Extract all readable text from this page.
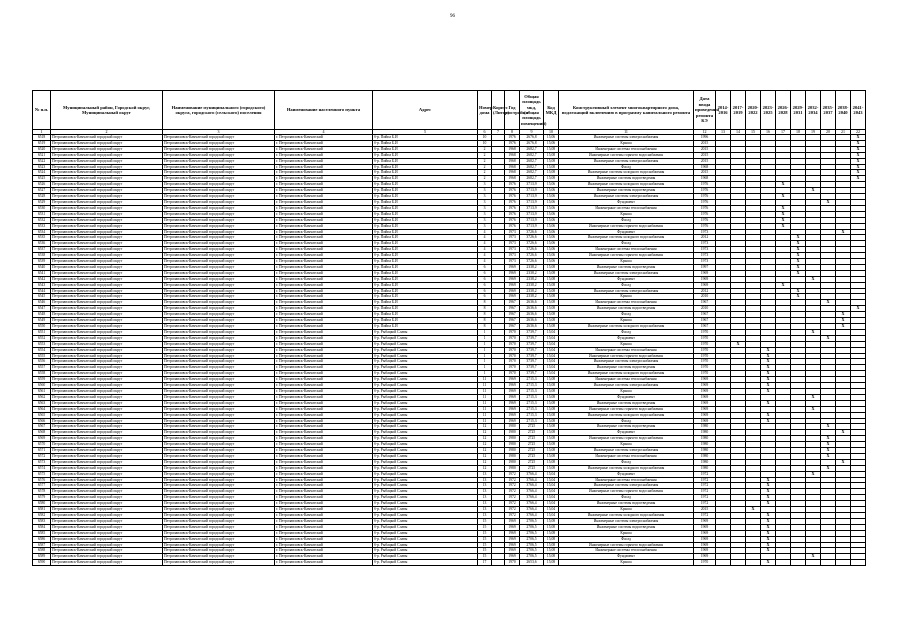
96
№ п.п.	Муниципальный район, Городской округ, Муниципальный округ	Наименование муниципального (городского) округа, городского (сельского) поселения	Наименование населенного пункта	Адрес	Номер дома	Корпус (Литер)	Год постройки	Общая площадь мкд, (общая площадь помещений)	Код МКД	Конструктивный элемент многоквартирного дома, подлежащий включению в программу капитального ремонта	Дата ввода проведения ремонта КЭ	2014-2016	2017-2019	2020-2022	2023-2025	2026-2028	2029-2031	2032-2034	2035-2037	2038-2040	2041-2043
1	2	3	4	5	6	7	8	9	10	11	12	13	14	15	16	17	18	19	20	21	22
6518	Петропавловск-Камчатский городской округ	Петропавловск-Камчатский городской округ	г. Петропавловск-Камчатский	б-р. Пийпа Б.И	10		1976	2676,8	15,06	Инженерные системы электроснабжения	1996										X
6519	Петропавловск-Камчатский городской округ	Петропавловск-Камчатский городской округ	г. Петропавловск-Камчатский	б-р. Пийпа Б.И	10		1976	2676,8	15,06	Крыша	2015										X
6520	Петропавловск-Камчатский городской округ	Петропавловск-Камчатский городской округ	г. Петропавловск-Камчатский	б-р. Пийпа Б.И	2		1968	2682,7	15,08	Инженерные системы теплоснабжения	2015										X
6521	Петропавловск-Камчатский городской округ	Петропавловск-Камчатский городской округ	г. Петропавловск-Камчатский	б-р. Пийпа Б.И	2		1968	2682,7	15,08	Инженерные системы горячего водоснабжения	2015										X
6522	Петропавловск-Камчатский городской округ	Петропавловск-Камчатский городской округ	г. Петропавловск-Камчатский	б-р. Пийпа Б.И	2		1968	2682,7	15,08	Инженерные системы электроснабжения	2015										X
6523	Петропавловск-Камчатский городской округ	Петропавловск-Камчатский городской округ	г. Петропавловск-Камчатский	б-р. Пийпа Б.И	2		1968	2682,7	15,08	Фасад	1968										X
6524	Петропавловск-Камчатский городской округ	Петропавловск-Камчатский городской округ	г. Петропавловск-Камчатский	б-р. Пийпа Б.И	2		1968	2682,7	15,08	Инженерные системы холодного водоснабжения	2015										X
6525	Петропавловск-Камчатский городской округ	Петропавловск-Камчатский городской округ	г. Петропавловск-Камчатский	б-р. Пийпа Б.И	2		1968	2682,7	15,08	Инженерные системы водоотведения	1968										X
6526	Петропавловск-Камчатский городской округ	Петропавловск-Камчатский городской округ	г. Петропавловск-Камчатский	б-р. Пийпа Б.И	3		1976	3713,9	15,06	Инженерные системы холодного водоснабжения	1976					X					
6527	Петропавловск-Камчатский городской округ	Петропавловск-Камчатский городской округ	г. Петропавловск-Камчатский	б-р. Пийпа Б.И	3		1976	3713,9	15,06	Инженерные системы водоотведения	1976							X			
6528	Петропавловск-Камчатский городской округ	Петропавловск-Камчатский городской округ	г. Петропавловск-Камчатский	б-р. Пийпа Б.И	3		1976	3713,9	15,06	Инженерные системы электроснабжения	1976					X					
6529	Петропавловск-Камчатский городской округ	Петропавловск-Камчатский городской округ	г. Петропавловск-Камчатский	б-р. Пийпа Б.И	3		1976	3713,9	15,06	Фундамент	1976								X		
6530	Петропавловск-Камчатский городской округ	Петропавловск-Камчатский городской округ	г. Петропавловск-Камчатский	б-р. Пийпа Б.И	3		1976	3713,9	15,06	Инженерные системы теплоснабжения	1976					X					
6531	Петропавловск-Камчатский городской округ	Петропавловск-Камчатский городской округ	г. Петропавловск-Камчатский	б-р. Пийпа Б.И	3		1976	3713,9	15,06	Крыша	1976					X					
6532	Петропавловск-Камчатский городской округ	Петропавловск-Камчатский городской округ	г. Петропавловск-Камчатский	б-р. Пийпа Б.И	3		1976	3713,9	15,06	Фасад	1976					X					
6533	Петропавловск-Камчатский городской округ	Петропавловск-Камчатский городской округ	г. Петропавловск-Камчатский	б-р. Пийпа Б.И	3		1976	3713,9	15,06	Инженерные системы горячего водоснабжения	1976					X					
6534	Петропавловск-Камчатский городской округ	Петропавловск-Камчатский городской округ	г. Петропавловск-Камчатский	б-р. Пийпа Б.И	4		1973	3726,6	15,06	Фундамент	1973									X	
6535	Петропавловск-Камчатский городской округ	Петропавловск-Камчатский городской округ	г. Петропавловск-Камчатский	б-р. Пийпа Б.И	4		1973	3726,6	15,06	Инженерные системы холодного водоснабжения	2012						X				
6536	Петропавловск-Камчатский городской округ	Петропавловск-Камчатский городской округ	г. Петропавловск-Камчатский	б-р. Пийпа Б.И	4		1973	3726,6	15,06	Фасад	1973						X				
6537	Петропавловск-Камчатский городской округ	Петропавловск-Камчатский городской округ	г. Петропавловск-Камчатский	б-р. Пийпа Б.И	4		1973	3726,6	15,06	Инженерные системы теплоснабжения	1973						X				
6538	Петропавловск-Камчатский городской округ	Петропавловск-Камчатский городской округ	г. Петропавловск-Камчатский	б-р. Пийпа Б.И	4		1973	3726,6	15,06	Инженерные системы горячего водоснабжения	1973						X				
6539	Петропавловск-Камчатский городской округ	Петропавловск-Камчатский городской округ	г. Петропавловск-Камчатский	б-р. Пийпа Б.И	4		1973	3726,6	15,06	Крыша	1973						X				
6540	Петропавловск-Камчатский городской округ	Петропавловск-Камчатский городской округ	г. Петропавловск-Камчатский	б-р. Пийпа Б.И	6		1969	2338,2	15,08	Инженерные системы водоотведения	1997						X				
6541	Петропавловск-Камчатский городской округ	Петропавловск-Камчатский городской округ	г. Петропавловск-Камчатский	б-р. Пийпа Б.И	6		1969	2338,2	15,08	Инженерные системы электроснабжения	1969						X				
6542	Петропавловск-Камчатский городской округ	Петропавловск-Камчатский городской округ	г. Петропавловск-Камчатский	б-р. Пийпа Б.И	6		1969	2338,2	15,08	Фундамент	1969							X			
6543	Петропавловск-Камчатский городской округ	Петропавловск-Камчатский городской округ	г. Петропавловск-Камчатский	б-р. Пийпа Б.И	6		1969	2338,2	15,08	Фасад	1969					X					
6544	Петропавловск-Камчатский городской округ	Петропавловск-Камчатский городской округ	г. Петропавловск-Камчатский	б-р. Пийпа Б.И	6		1969	2338,2	15,08	Инженерные системы электроснабжения	2012						X				
6545	Петропавловск-Камчатский городской округ	Петропавловск-Камчатский городской округ	г. Петропавловск-Камчатский	б-р. Пийпа Б.И	6		1969	2338,2	15,08	Крыша	2010						X				
6546	Петропавловск-Камчатский городской округ	Петропавловск-Камчатский городской округ	г. Петропавловск-Камчатский	б-р. Пийпа Б.И	8		1967	2636,6	15,08	Инженерные системы теплоснабжения	1967								X		
6547	Петропавловск-Камчатский городской округ	Петропавловск-Камчатский городской округ	г. Петропавловск-Камчатский	б-р. Пийпа Б.И	8		1967	2636,6	15,08	Инженерные системы водоотведения	2010										X
6548	Петропавловск-Камчатский городской округ	Петропавловск-Камчатский городской округ	г. Петропавловск-Камчатский	б-р. Пийпа Б.И	8		1967	2636,6	15,08	Фасад	1967									X	
6549	Петропавловск-Камчатский городской округ	Петропавловск-Камчатский городской округ	г. Петропавловск-Камчатский	б-р. Пийпа Б.И	8		1967	2636,6	15,08	Крыша	1967									X	
6550	Петропавловск-Камчатский городской округ	Петропавловск-Камчатский городской округ	г. Петропавловск-Камчатский	б-р. Пийпа Б.И	8		1967	2636,6	15,08	Инженерные системы холодного водоснабжения	1967									X	
6551	Петропавловск-Камчатский городской округ	Петропавловск-Камчатский городской округ	г. Петропавловск-Камчатский	б-р. Рыбацкой Славы	1		1970	3739,7	15,04	Фасад	1970							X			
6552	Петропавловск-Камчатский городской округ	Петропавловск-Камчатский городской округ	г. Петропавловск-Камчатский	б-р. Рыбацкой Славы	1		1970	3739,7	15,04	Фундамент	1970								X		
6553	Петропавловск-Камчатский городской округ	Петропавловск-Камчатский городской округ	г. Петропавловск-Камчатский	б-р. Рыбацкой Славы	1		1970	3739,7	15,04	Крыша	1970		X								
6554	Петропавловск-Камчатский городской округ	Петропавловск-Камчатский городской округ	г. Петропавловск-Камчатский	б-р. Рыбацкой Славы	1		1970	3739,7	15,04	Инженерные системы теплоснабжения	1970				X						
6555	Петропавловск-Камчатский городской округ	Петропавловск-Камчатский городской округ	г. Петропавловск-Камчатский	б-р. Рыбацкой Славы	1		1970	3739,7	15,04	Инженерные системы горячего водоснабжения	1970				X						
6556	Петропавловск-Камчатский городской округ	Петропавловск-Камчатский городской округ	г. Петропавловск-Камчатский	б-р. Рыбацкой Славы	1		1970	3739,7	15,04	Инженерные системы электроснабжения	1970				X						
6557	Петропавловск-Камчатский городской округ	Петропавловск-Камчатский городской округ	г. Петропавловск-Камчатский	б-р. Рыбацкой Славы	1		1970	3739,7	15,04	Инженерные системы водоотведения	1970				X						
6558	Петропавловск-Камчатский городской округ	Петропавловск-Камчатский городской округ	г. Петропавловск-Камчатский	б-р. Рыбацкой Славы	1		1970	3739,7	15,04	Инженерные системы холодного водоснабжения	1970				X						
6559	Петропавловск-Камчатский городской округ	Петропавловск-Камчатский городской округ	г. Петропавловск-Камчатский	б-р. Рыбацкой Славы	11		1969	2715,3	15,08	Инженерные системы теплоснабжения	1969				X						
6560	Петропавловск-Камчатский городской округ	Петропавловск-Камчатский городской округ	г. Петропавловск-Камчатский	б-р. Рыбацкой Славы	11		1969	2715,3	15,08	Инженерные системы электроснабжения	1969				X						
6561	Петропавловск-Камчатский городской округ	Петропавловск-Камчатский городской округ	г. Петропавловск-Камчатский	б-р. Рыбацкой Славы	11		1969	2715,3	15,08	Крыша	1969				X						
6562	Петропавловск-Камчатский городской округ	Петропавловск-Камчатский городской округ	г. Петропавловск-Камчатский	б-р. Рыбацкой Славы	11		1969	2715,3	15,08	Фундамент	1969							X			
6563	Петропавловск-Камчатский городской округ	Петропавловск-Камчатский городской округ	г. Петропавловск-Камчатский	б-р. Рыбацкой Славы	11		1969	2715,3	15,08	Инженерные системы водоотведения	1969				X						
6564	Петропавловск-Камчатский городской округ	Петропавловск-Камчатский городской округ	г. Петропавловск-Камчатский	б-р. Рыбацкой Славы	11		1969	2715,3	15,08	Инженерные системы горячего водоснабжения	1969							X			
6565	Петропавловск-Камчатский городской округ	Петропавловск-Камчатский городской округ	г. Петропавловск-Камчатский	б-р. Рыбацкой Славы	11		1969	2715,3	15,08	Инженерные системы холодного водоснабжения	1969				X						
6566	Петропавловск-Камчатский городской округ	Петропавловск-Камчатский городской округ	г. Петропавловск-Камчатский	б-р. Рыбацкой Славы	11		1969	2715,3	15,08	Фасад	1969				X						
6567	Петропавловск-Камчатский городской округ	Петропавловск-Камчатский городской округ	г. Петропавловск-Камчатский	б-р. Рыбацкой Славы	12		1980	2725	15,08	Инженерные системы водоотведения	1980								X		
6568	Петропавловск-Камчатский городской округ	Петропавловск-Камчатский городской округ	г. Петропавловск-Камчатский	б-р. Рыбацкой Славы	12		1980	2725	15,08	Фундамент	1980									X	
6569	Петропавловск-Камчатский городской округ	Петропавловск-Камчатский городской округ	г. Петропавловск-Камчатский	б-р. Рыбацкой Славы	12		1980	2725	15,08	Инженерные системы горячего водоснабжения	1980								X		
6570	Петропавловск-Камчатский городской округ	Петропавловск-Камчатский городской округ	г. Петропавловск-Камчатский	б-р. Рыбацкой Славы	12		1980	2725	15,08	Крыша	1980								X		
6571	Петропавловск-Камчатский городской округ	Петропавловск-Камчатский городской округ	г. Петропавловск-Камчатский	б-р. Рыбацкой Славы	12		1980	2725	15,08	Инженерные системы электроснабжения	1980								X		
6572	Петропавловск-Камчатский городской округ	Петропавловск-Камчатский городской округ	г. Петропавловск-Камчатский	б-р. Рыбацкой Славы	12		1980	2725	15,08	Инженерные системы теплоснабжения	1980								X		
6573	Петропавловск-Камчатский городской округ	Петропавловск-Камчатский городской округ	г. Петропавловск-Камчатский	б-р. Рыбацкой Славы	12		1980	2725	15,08	Фасад	1980									X	
6574	Петропавловск-Камчатский городской округ	Петропавловск-Камчатский городской округ	г. Петропавловск-Камчатский	б-р. Рыбацкой Славы	12		1980	2725	15,08	Инженерные системы холодного водоснабжения	1980								X		
6575	Петропавловск-Камчатский городской округ	Петропавловск-Камчатский городской округ	г. Петропавловск-Камчатский	б-р. Рыбацкой Славы	13		1972	3766,4	15,04	Фундамент	1972							X			
6576	Петропавловск-Камчатский городской округ	Петропавловск-Камчатский городской округ	г. Петропавловск-Камчатский	б-р. Рыбацкой Славы	13		1972	3766,4	15,04	Инженерные системы теплоснабжения	1972				X						
6577	Петропавловск-Камчатский городской округ	Петропавловск-Камчатский городской округ	г. Петропавловск-Камчатский	б-р. Рыбацкой Славы	13		1972	3766,4	15,04	Инженерные системы электроснабжения	1972				X						
6578	Петропавловск-Камчатский городской округ	Петропавловск-Камчатский городской округ	г. Петропавловск-Камчатский	б-р. Рыбацкой Славы	13		1972	3766,4	15,04	Инженерные системы горячего водоснабжения	1972				X						
6579	Петропавловск-Камчатский городской округ	Петропавловск-Камчатский городской округ	г. Петропавловск-Камчатский	б-р. Рыбацкой Славы	13		1972	3766,4	15,04	Фасад	1972				X						
6580	Петропавловск-Камчатский городской округ	Петропавловск-Камчатский городской округ	г. Петропавловск-Камчатский	б-р. Рыбацкой Славы	13		1972	3766,4	15,04	Инженерные системы водоотведения	1972				X						
6581	Петропавловск-Камчатский городской округ	Петропавловск-Камчатский городской округ	г. Петропавловск-Камчатский	б-р. Рыбацкой Славы	13		1972	3766,4	15,04	Крыша	2015			X							
6582	Петропавловск-Камчатский городской округ	Петропавловск-Камчатский городской округ	г. Петропавловск-Камчатский	б-р. Рыбацкой Славы	13		1972	3766,4	15,04	Инженерные системы холодного водоснабжения	1972				X						
6583	Петропавловск-Камчатский городской округ	Петропавловск-Камчатский городской округ	г. Петропавловск-Камчатский	б-р. Рыбацкой Славы	15		1969	2706,5	15,08	Инженерные системы электроснабжения	1969				X						
6584	Петропавловск-Камчатский городской округ	Петропавловск-Камчатский городской округ	г. Петропавловск-Камчатский	б-р. Рыбацкой Славы	15		1969	2706,5	15,08	Инженерные системы водоотведения	1969				X						
6585	Петропавловск-Камчатский городской округ	Петропавловск-Камчатский городской округ	г. Петропавловск-Камчатский	б-р. Рыбацкой Славы	15		1969	2706,5	15,08	Крыша	1969				X						
6586	Петропавловск-Камчатский городской округ	Петропавловск-Камчатский городской округ	г. Петропавловск-Камчатский	б-р. Рыбацкой Славы	15		1969	2706,5	15,08	Фасад	1969				X						
6587	Петропавловск-Камчатский городской округ	Петропавловск-Камчатский городской округ	г. Петропавловск-Камчатский	б-р. Рыбацкой Славы	15		1969	2706,5	15,08	Инженерные системы горячего водоснабжения	1969				X						
6588	Петропавловск-Камчатский городской округ	Петропавловск-Камчатский городской округ	г. Петропавловск-Камчатский	б-р. Рыбацкой Славы	15		1969	2706,5	15,08	Инженерные системы теплоснабжения	1969				X						
6589	Петропавловск-Камчатский городской округ	Петропавловск-Камчатский городской округ	г. Петропавловск-Камчатский	б-р. Рыбацкой Славы	15		1969	2706,5	15,08	Фундамент	1969							X			
6590	Петропавловск-Камчатский городской округ	Петропавловск-Камчатский городской округ	г. Петропавловск-Камчатский	б-р. Рыбацкой Славы	17		1970	2653,6	15,08	Крыша	1970				X						
